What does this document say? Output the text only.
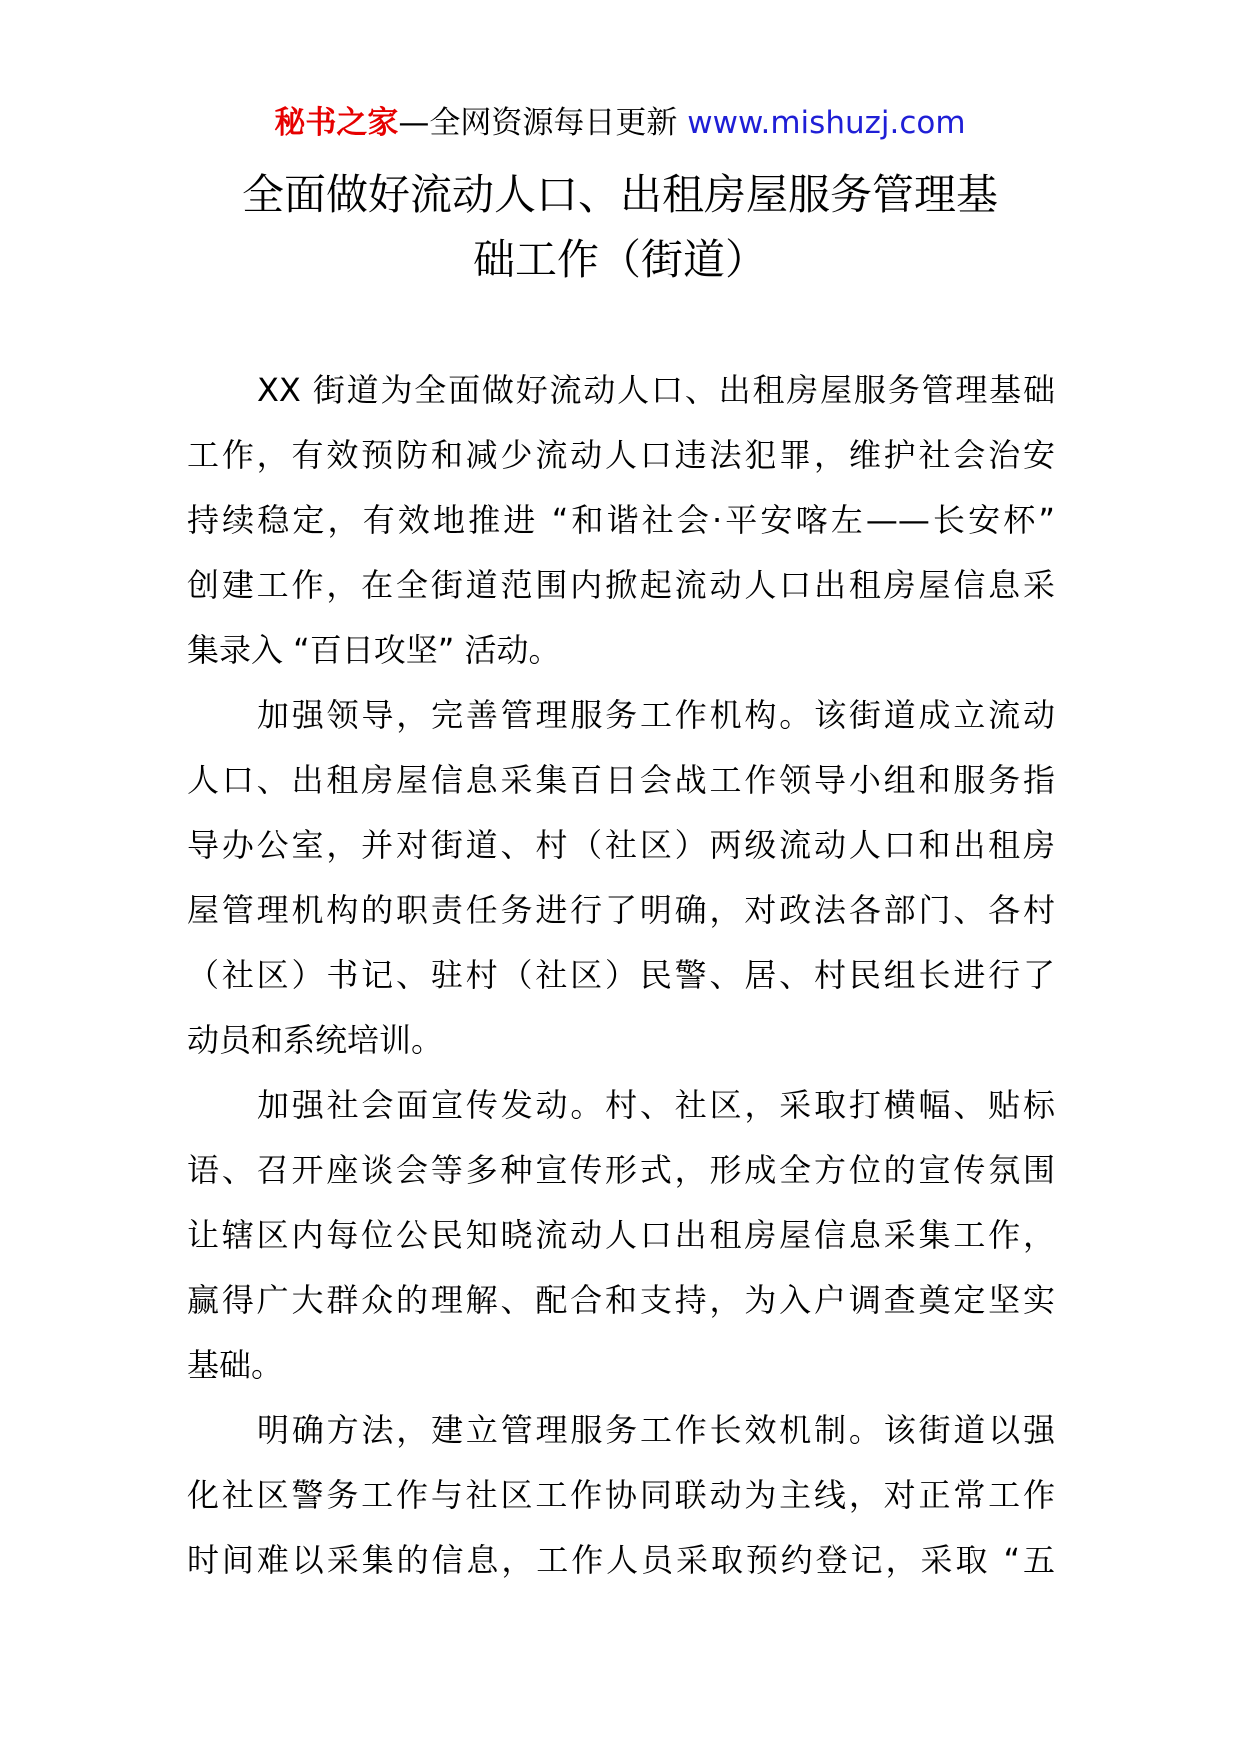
秘书之家—全网资源每日更新 www.mishuzj.com
全面做好流动人口、出租房屋服务管理基
础工作（街道）
XX 街道为全面做好流动人口、出租房屋服务管理基础
工作，有效预防和减少流动人口违法犯罪，维护社会治安
持续稳定，有效地推进 “和谐社会·平安喀左——长安杯”
创建工作，在全街道范围内掀起流动人口出租房屋信息采
集录入 “百日攻坚” 活动。
加强领导，完善管理服务工作机构。该街道成立流动
人口、出租房屋信息采集百日会战工作领导小组和服务指
导办公室，并对街道、村（社区）两级流动人口和出租房
屋管理机构的职责任务进行了明确，对政法各部门、各村
（社区）书记、驻村（社区）民警、居、村民组长进行了
动员和系统培训。
加强社会面宣传发动。村、社区，采取打横幅、贴标
语、召开座谈会等多种宣传形式，形成全方位的宣传氛围
让辖区内每位公民知晓流动人口出租房屋信息采集工作，
赢得广大群众的理解、配合和支持，为入户调查奠定坚实
基础。
明确方法，建立管理服务工作长效机制。该街道以强
化社区警务工作与社区工作协同联动为主线，对正常工作
时间难以采集的信息，工作人员采取预约登记，采取 “五
